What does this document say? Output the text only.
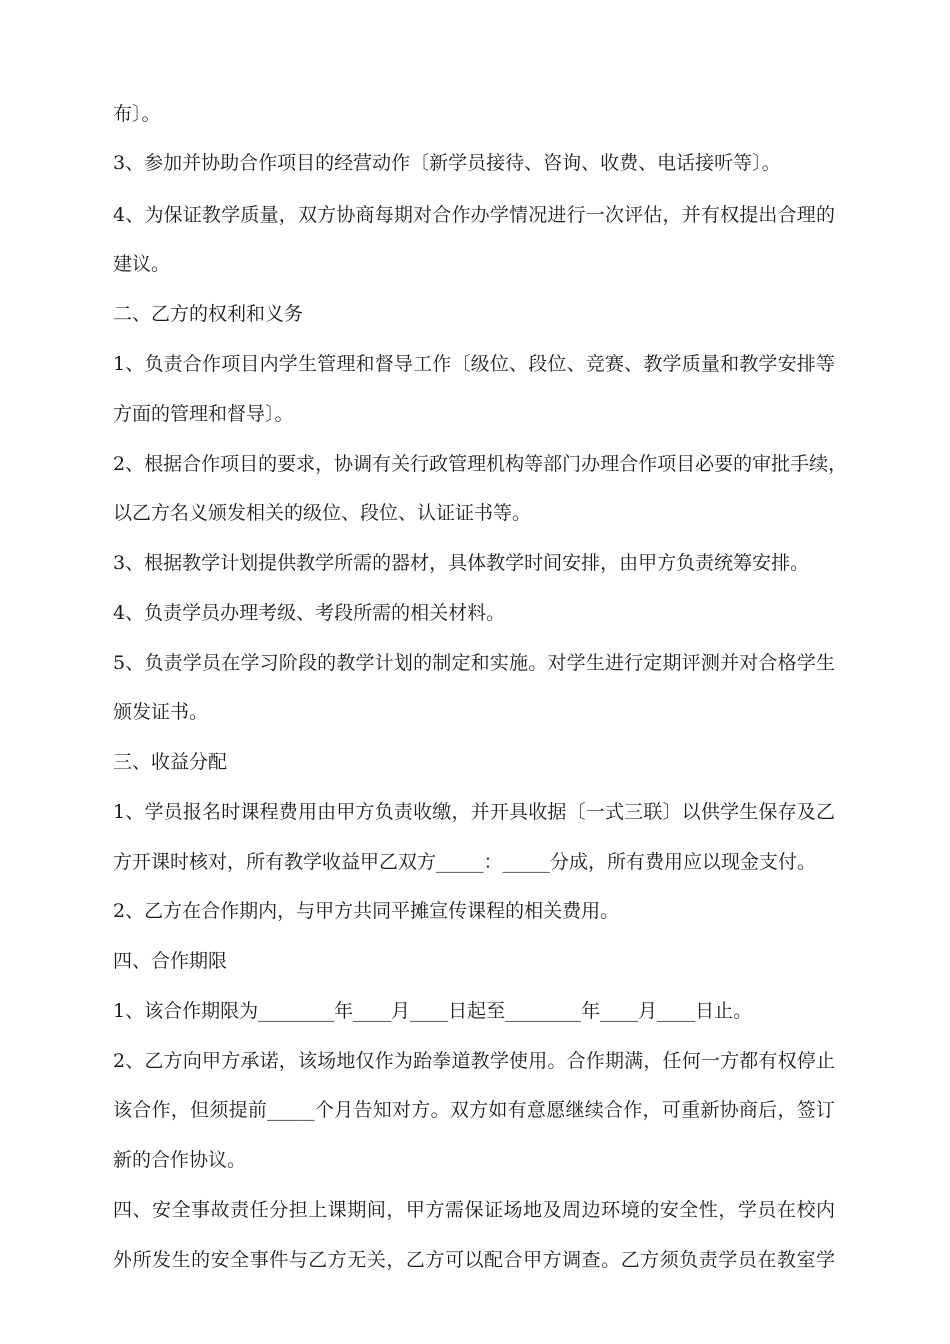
布〕。
3、参加并协助合作项目的经营动作〔新学员接待、咨询、收费、电话接听等〕。
4、为保证教学质量，双方协商每期对合作办学情况进行一次评估，并有权提出合理的
建议。
二、乙方的权利和义务
1、负责合作项目内学生管理和督导工作〔级位、段位、竞赛、教学质量和教学安排等
方面的管理和督导〕。
2、根据合作项目的要求，协调有关行政管理机构等部门办理合作项目必要的审批手续，
以乙方名义颁发相关的级位、段位、认证证书等。
3、根据教学计划提供教学所需的器材，具体教学时间安排，由甲方负责统筹安排。
4、负责学员办理考级、考段所需的相关材料。
5、负责学员在学习阶段的教学计划的制定和实施。对学生进行定期评测并对合格学生
颁发证书。
三、收益分配
1、学员报名时课程费用由甲方负责收缴，并开具收据〔一式三联〕以供学生保存及乙
方开课时核对，所有教学收益甲乙双方_____：_____分成，所有费用应以现金支付。
2、乙方在合作期内，与甲方共同平摊宣传课程的相关费用。
四、合作期限
1、该合作期限为________年____月____日起至________年____月____日止。
2、乙方向甲方承诺，该场地仅作为跆拳道教学使用。合作期满，任何一方都有权停止
该合作，但须提前_____个月告知对方。双方如有意愿继续合作，可重新协商后，签订
新的合作协议。
四、安全事故责任分担上课期间，甲方需保证场地及周边环境的安全性，学员在校内
外所发生的安全事件与乙方无关，乙方可以配合甲方调查。乙方须负责学员在教室学
